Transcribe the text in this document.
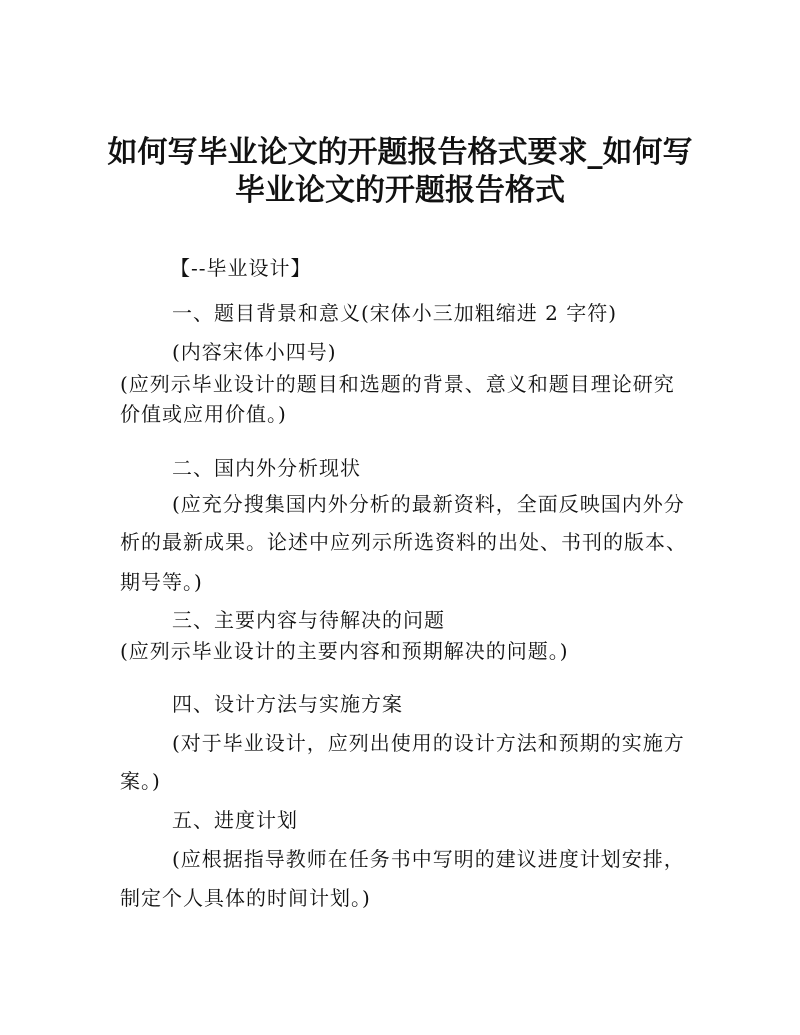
如何写毕业论文的开题报告格式要求_如何写
毕业论文的开题报告格式
【--毕业设计】
一、题目背景和意义(宋体小三加粗缩进 2 字符)
(内容宋体小四号)
(应列示毕业设计的题目和选题的背景、意义和题目理论研究
价值或应用价值。)
二、国内外分析现状
(应充分搜集国内外分析的最新资料，全面反映国内外分
析的最新成果。论述中应列示所选资料的出处、书刊的版本、
期号等。)
三、主要内容与待解决的问题
(应列示毕业设计的主要内容和预期解决的问题。)
四、设计方法与实施方案
(对于毕业设计，应列出使用的设计方法和预期的实施方
案。)
五、进度计划
(应根据指导教师在任务书中写明的建议进度计划安排，
制定个人具体的时间计划。)
